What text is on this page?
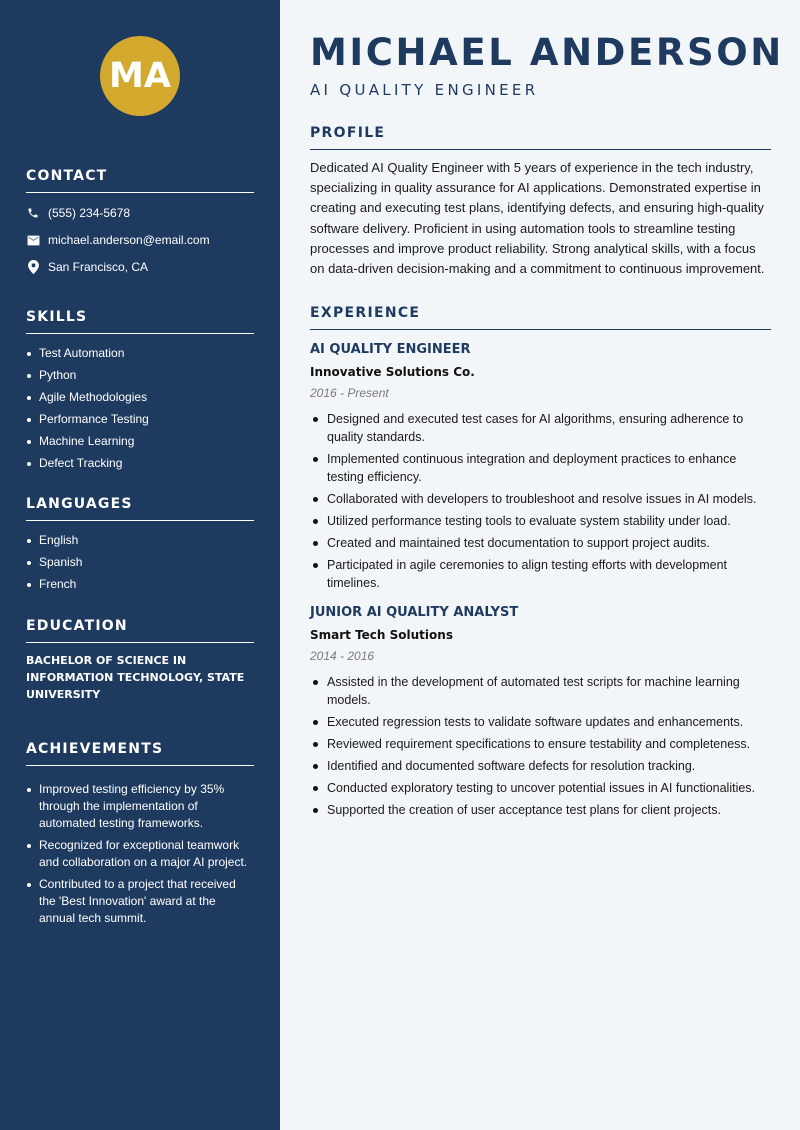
MA
CONTACT
(555) 234-5678
michael.anderson@email.com
San Francisco, CA
SKILLS
Test Automation
Python
Agile Methodologies
Performance Testing
Machine Learning
Defect Tracking
LANGUAGES
English
Spanish
French
EDUCATION
BACHELOR OF SCIENCE IN INFORMATION TECHNOLOGY, STATE UNIVERSITY
ACHIEVEMENTS
Improved testing efficiency by 35% through the implementation of automated testing frameworks.
Recognized for exceptional teamwork and collaboration on a major AI project.
Contributed to a project that received the 'Best Innovation' award at the annual tech summit.
MICHAEL ANDERSON
AI QUALITY ENGINEER
PROFILE

Dedicated AI Quality Engineer with 5 years of experience in the tech industry, specializing in quality assurance for AI applications. Demonstrated expertise in creating and executing test plans, identifying defects, and ensuring high-quality software delivery. Proficient in using automation tools to streamline testing processes and improve product reliability. Strong analytical skills, with a focus on data-driven decision-making and a commitment to continuous improvement.

EXPERIENCE
AI QUALITY ENGINEER
Innovative Solutions Co.
2016 - Present
Designed and executed test cases for AI algorithms, ensuring adherence to quality standards.
Implemented continuous integration and deployment practices to enhance testing efficiency.
Collaborated with developers to troubleshoot and resolve issues in AI models.
Utilized performance testing tools to evaluate system stability under load.
Created and maintained test documentation to support project audits.
Participated in agile ceremonies to align testing efforts with development timelines.
JUNIOR AI QUALITY ANALYST
Smart Tech Solutions
2014 - 2016
Assisted in the development of automated test scripts for machine learning models.
Executed regression tests to validate software updates and enhancements.
Reviewed requirement specifications to ensure testability and completeness.
Identified and documented software defects for resolution tracking.
Conducted exploratory testing to uncover potential issues in AI functionalities.
Supported the creation of user acceptance test plans for client projects.
